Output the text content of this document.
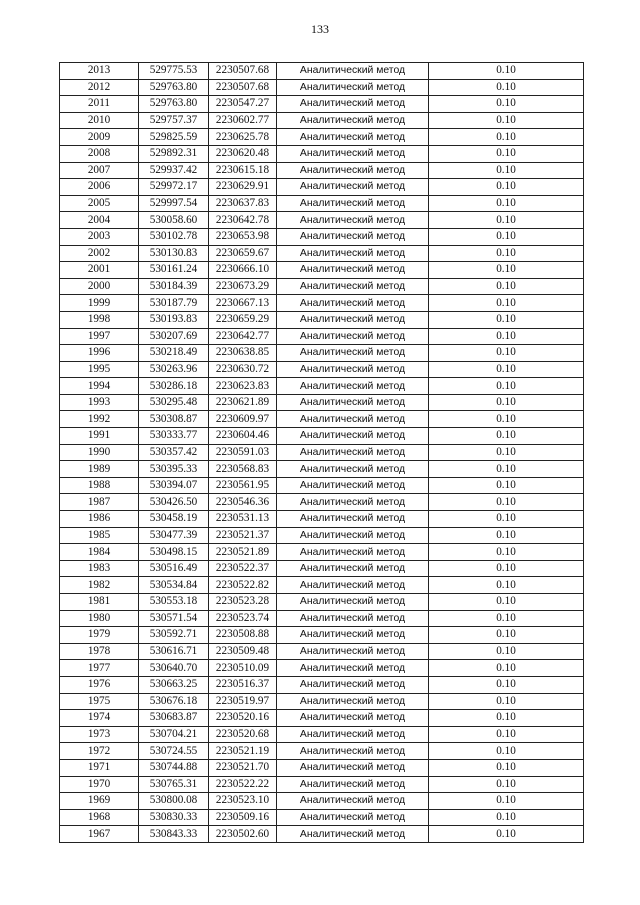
133
2013	529775.53	2230507.68	Аналитический метод	0.10
2012	529763.80	2230507.68	Аналитический метод	0.10
2011	529763.80	2230547.27	Аналитический метод	0.10
2010	529757.37	2230602.77	Аналитический метод	0.10
2009	529825.59	2230625.78	Аналитический метод	0.10
2008	529892.31	2230620.48	Аналитический метод	0.10
2007	529937.42	2230615.18	Аналитический метод	0.10
2006	529972.17	2230629.91	Аналитический метод	0.10
2005	529997.54	2230637.83	Аналитический метод	0.10
2004	530058.60	2230642.78	Аналитический метод	0.10
2003	530102.78	2230653.98	Аналитический метод	0.10
2002	530130.83	2230659.67	Аналитический метод	0.10
2001	530161.24	2230666.10	Аналитический метод	0.10
2000	530184.39	2230673.29	Аналитический метод	0.10
1999	530187.79	2230667.13	Аналитический метод	0.10
1998	530193.83	2230659.29	Аналитический метод	0.10
1997	530207.69	2230642.77	Аналитический метод	0.10
1996	530218.49	2230638.85	Аналитический метод	0.10
1995	530263.96	2230630.72	Аналитический метод	0.10
1994	530286.18	2230623.83	Аналитический метод	0.10
1993	530295.48	2230621.89	Аналитический метод	0.10
1992	530308.87	2230609.97	Аналитический метод	0.10
1991	530333.77	2230604.46	Аналитический метод	0.10
1990	530357.42	2230591.03	Аналитический метод	0.10
1989	530395.33	2230568.83	Аналитический метод	0.10
1988	530394.07	2230561.95	Аналитический метод	0.10
1987	530426.50	2230546.36	Аналитический метод	0.10
1986	530458.19	2230531.13	Аналитический метод	0.10
1985	530477.39	2230521.37	Аналитический метод	0.10
1984	530498.15	2230521.89	Аналитический метод	0.10
1983	530516.49	2230522.37	Аналитический метод	0.10
1982	530534.84	2230522.82	Аналитический метод	0.10
1981	530553.18	2230523.28	Аналитический метод	0.10
1980	530571.54	2230523.74	Аналитический метод	0.10
1979	530592.71	2230508.88	Аналитический метод	0.10
1978	530616.71	2230509.48	Аналитический метод	0.10
1977	530640.70	2230510.09	Аналитический метод	0.10
1976	530663.25	2230516.37	Аналитический метод	0.10
1975	530676.18	2230519.97	Аналитический метод	0.10
1974	530683.87	2230520.16	Аналитический метод	0.10
1973	530704.21	2230520.68	Аналитический метод	0.10
1972	530724.55	2230521.19	Аналитический метод	0.10
1971	530744.88	2230521.70	Аналитический метод	0.10
1970	530765.31	2230522.22	Аналитический метод	0.10
1969	530800.08	2230523.10	Аналитический метод	0.10
1968	530830.33	2230509.16	Аналитический метод	0.10
1967	530843.33	2230502.60	Аналитический метод	0.10
